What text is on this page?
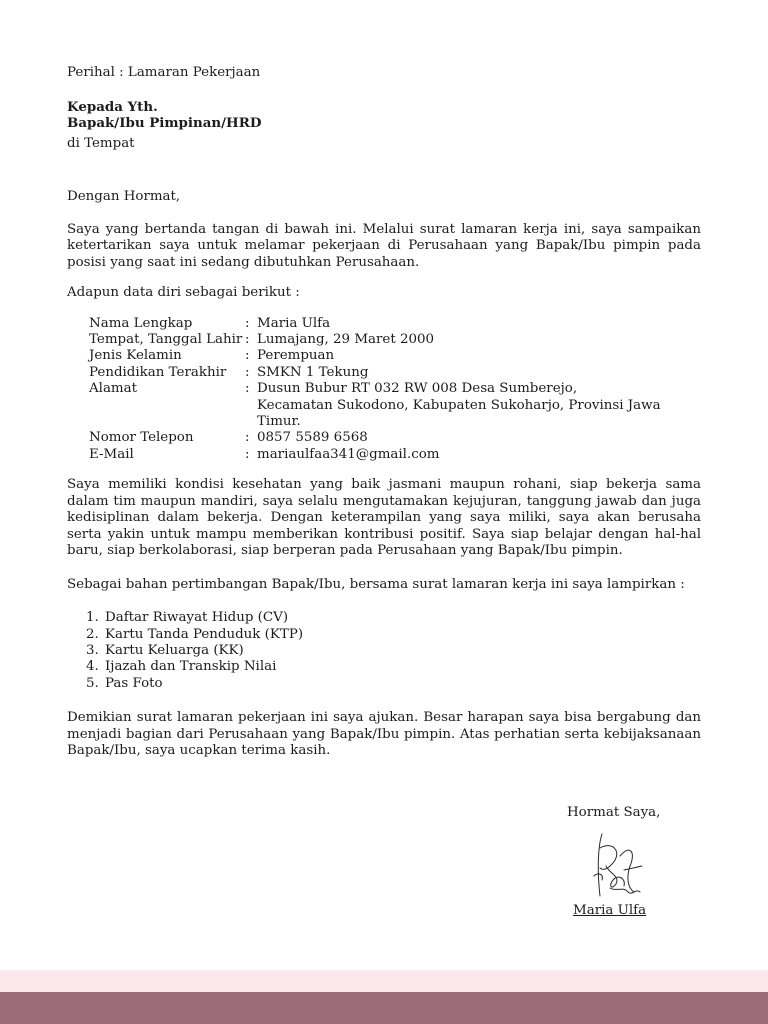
Perihal : Lamaran Pekerjaan
Kepada Yth.
Bapak/Ibu Pimpinan/HRD
di Tempat
Dengan Hormat,

Saya yang bertanda tangan di bawah ini. Melalui surat lamaran kerja ini, saya sampaikan ketertarikan saya untuk melamar pekerjaan di Perusahaan yang Bapak/Ibu pimpin pada posisi yang saat ini sedang dibutuhkan Perusahaan.

Adapun data diri sebagai berikut :
Nama Lengkap	:	Maria Ulfa
Tempat, Tanggal Lahir	:	Lumajang, 29 Maret 2000
Jenis Kelamin	:	Perempuan
Pendidikan Terakhir	:	SMKN 1 Tekung
Alamat	:	Dusun Bubur RT 032 RW 008 Desa Sumberejo,
		Kecamatan Sukodono, Kabupaten Sukoharjo, Provinsi Jawa Timur.
Nomor Telepon	:	0857 5589 6568
E-Mail	:	mariaulfaa341@gmail.com

Saya memiliki kondisi kesehatan yang baik jasmani maupun rohani, siap bekerja sama dalam tim maupun mandiri, saya selalu mengutamakan kejujuran, tanggung jawab dan juga kedisiplinan dalam bekerja. Dengan keterampilan yang saya miliki, saya akan berusaha serta yakin untuk mampu memberikan kontribusi positif. Saya siap belajar dengan hal-hal baru, siap berkolaborasi, siap berperan pada Perusahaan yang Bapak/Ibu pimpin.

Sebagai bahan pertimbangan Bapak/Ibu, bersama surat lamaran kerja ini saya lampirkan :
1. Daftar Riwayat Hidup (CV)
2. Kartu Tanda Penduduk (KTP)
3. Kartu Keluarga (KK)
4. Ijazah dan Transkip Nilai
5. Pas Foto

Demikian surat lamaran pekerjaan ini saya ajukan. Besar harapan saya bisa bergabung dan menjadi bagian dari Perusahaan yang Bapak/Ibu pimpin. Atas perhatian serta kebijaksanaan Bapak/Ibu, saya ucapkan terima kasih.

Hormat Saya,
Maria Ulfa
